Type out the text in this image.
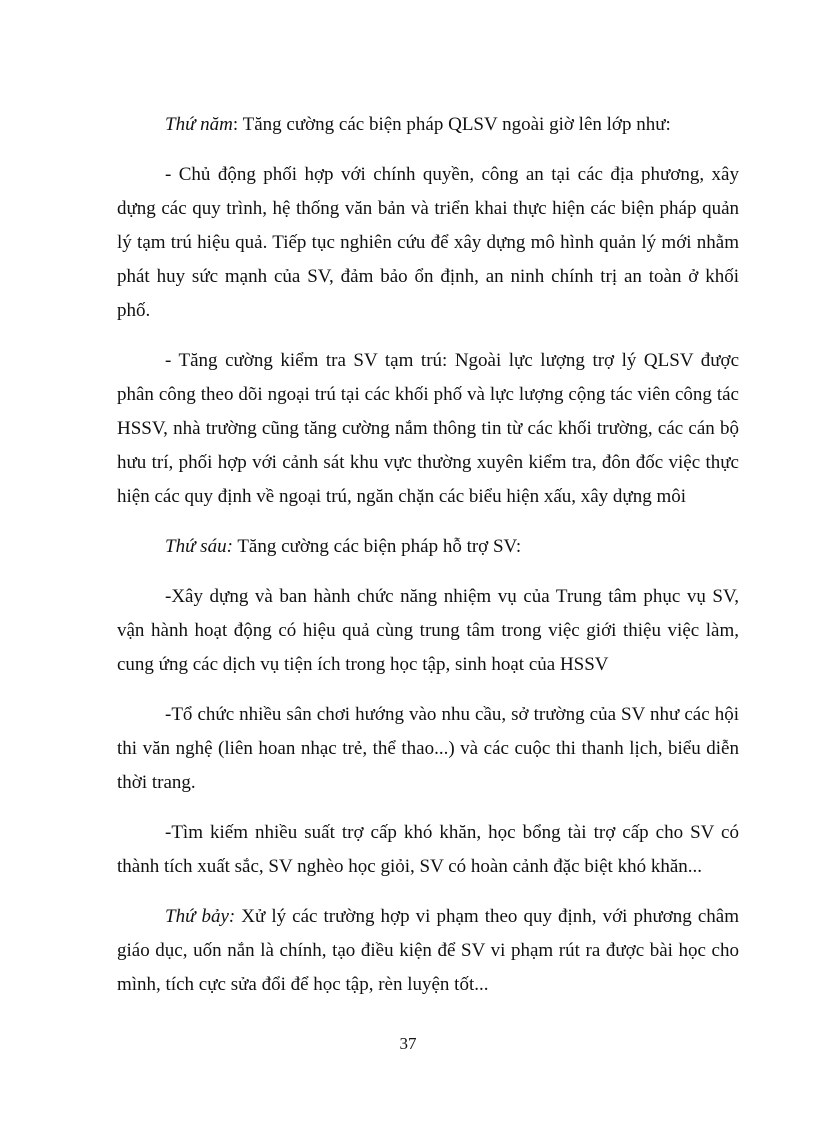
Thứ năm: Tăng cường các biện pháp QLSV ngoài giờ lên lớp như:

- Chủ động phối hợp với chính quyền, công an tại các địa phương, xây dựng các quy trình, hệ thống văn bản và triển khai thực hiện các biện pháp quản lý tạm trú hiệu quả. Tiếp tục nghiên cứu để xây dựng mô hình quản lý mới nhằm phát huy sức mạnh của SV, đảm bảo ổn định, an ninh chính trị an toàn ở khối phố.

- Tăng cường kiểm tra SV tạm trú: Ngoài lực lượng trợ lý QLSV được phân công theo dõi ngoại trú tại các khối phố và lực lượng cộng tác viên công tác HSSV, nhà trường cũng tăng cường nắm thông tin từ các khối trường, các cán bộ hưu trí, phối hợp với cảnh sát khu vực thường xuyên kiểm tra, đôn đốc việc thực hiện các quy định về ngoại trú, ngăn chặn các biểu hiện xấu, xây dựng môi

Thứ sáu: Tăng cường các biện pháp hỗ trợ SV:

-Xây dựng và ban hành chức năng nhiệm vụ của Trung tâm phục vụ SV, vận hành hoạt động có hiệu quả cùng trung tâm trong việc giới thiệu việc làm, cung ứng các dịch vụ tiện ích trong học tập, sinh hoạt của HSSV

-Tổ chức nhiều sân chơi hướng vào nhu cầu, sở trường của SV như các hội thi văn nghệ (liên hoan nhạc trẻ, thể thao...) và các cuộc thi thanh lịch, biểu diễn thời trang.

-Tìm kiếm nhiều suất trợ cấp khó khăn, học bổng tài trợ cấp cho SV có thành tích xuất sắc, SV nghèo học giỏi, SV có hoàn cảnh đặc biệt khó khăn...

Thứ bảy: Xử lý các trường hợp vi phạm theo quy định, với phương châm giáo dục, uốn nắn là chính, tạo điều kiện để SV vi phạm rút ra được bài học cho mình, tích cực sửa đổi để học tập, rèn luyện tốt...

37
